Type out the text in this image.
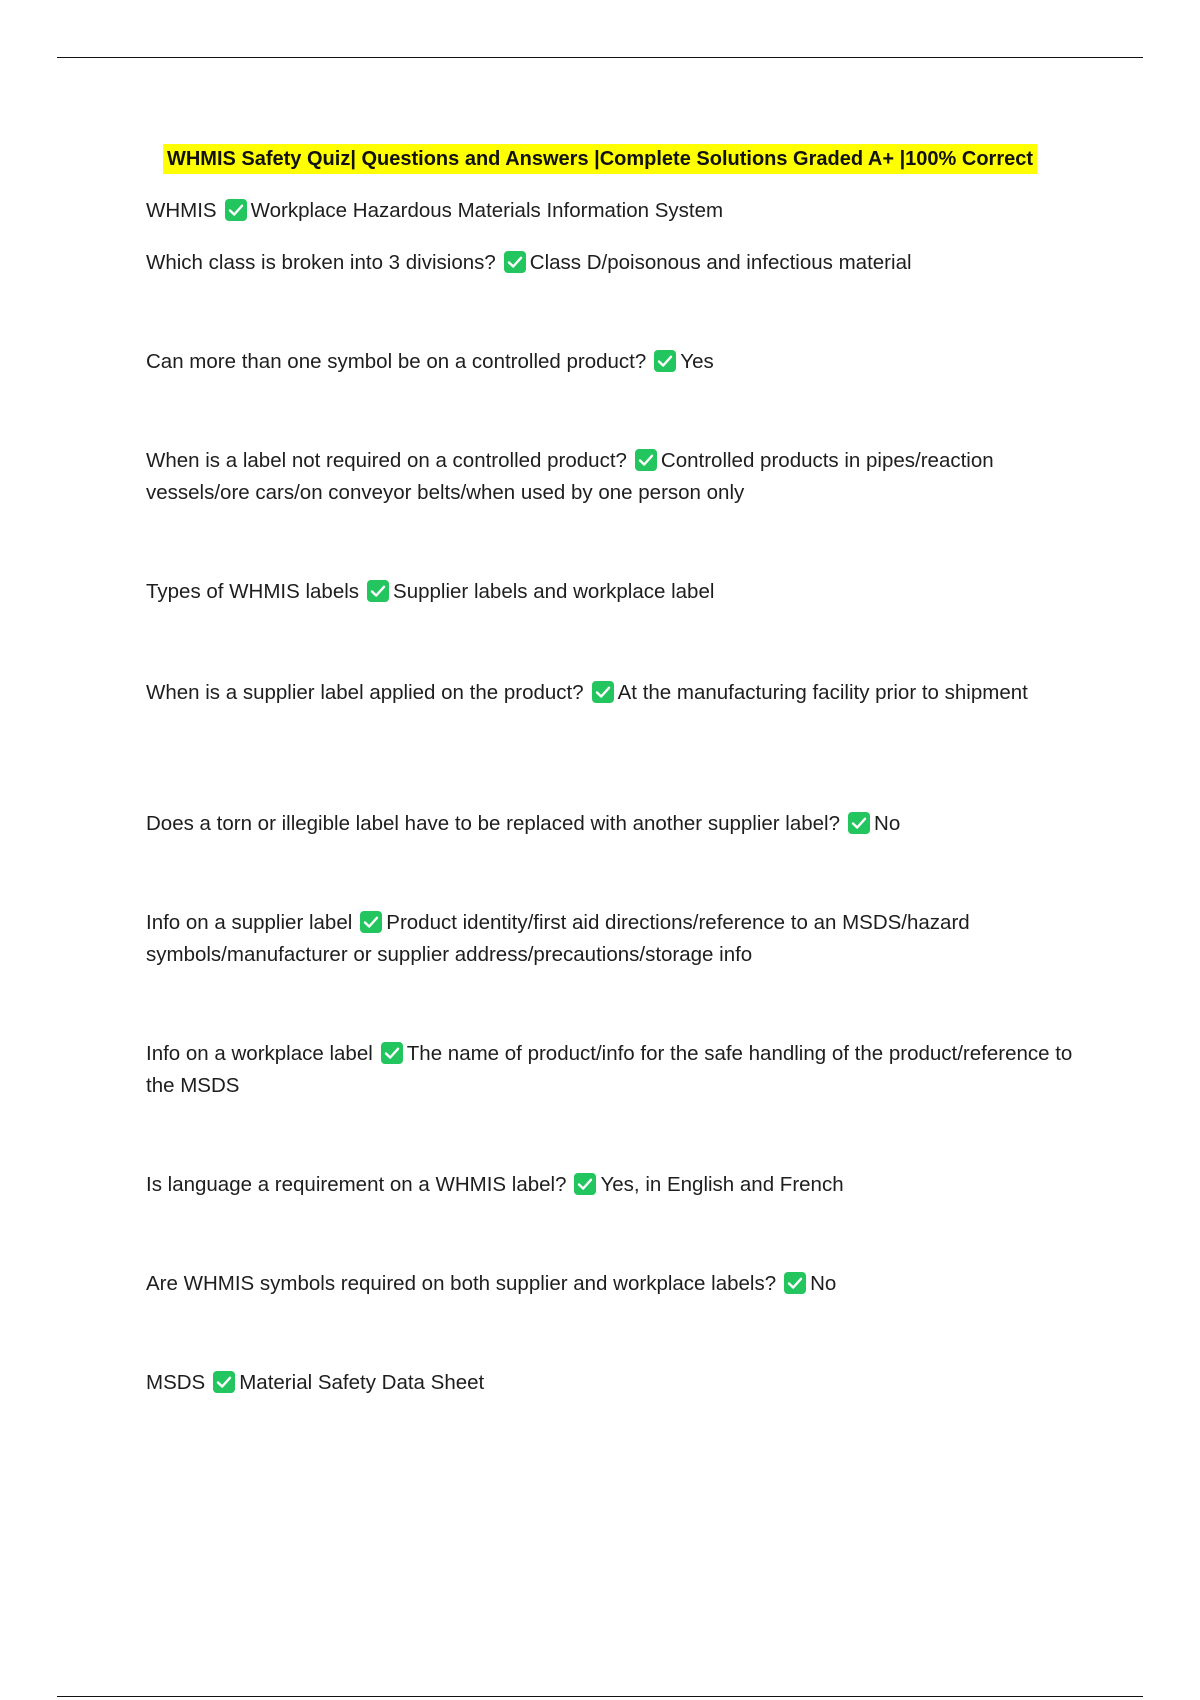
WHMIS Safety Quiz| Questions and Answers |Complete Solutions Graded A+ |100% Correct
WHMIS Workplace Hazardous Materials Information System
Which class is broken into 3 divisions? Class D/poisonous and infectious material
Can more than one symbol be on a controlled product? Yes
When is a label not required on a controlled product? Controlled products in pipes/reaction vessels/ore cars/on conveyor belts/when used by one person only
Types of WHMIS labels Supplier labels and workplace label
When is a supplier label applied on the product? At the manufacturing facility prior to shipment
Does a torn or illegible label have to be replaced with another supplier label? No
Info on a supplier label Product identity/first aid directions/reference to an MSDS/hazard symbols/manufacturer or supplier address/precautions/storage info
Info on a workplace label The name of product/info for the safe handling of the product/reference to the MSDS
Is language a requirement on a WHMIS label? Yes, in English and French
Are WHMIS symbols required on both supplier and workplace labels? No
MSDS Material Safety Data Sheet
